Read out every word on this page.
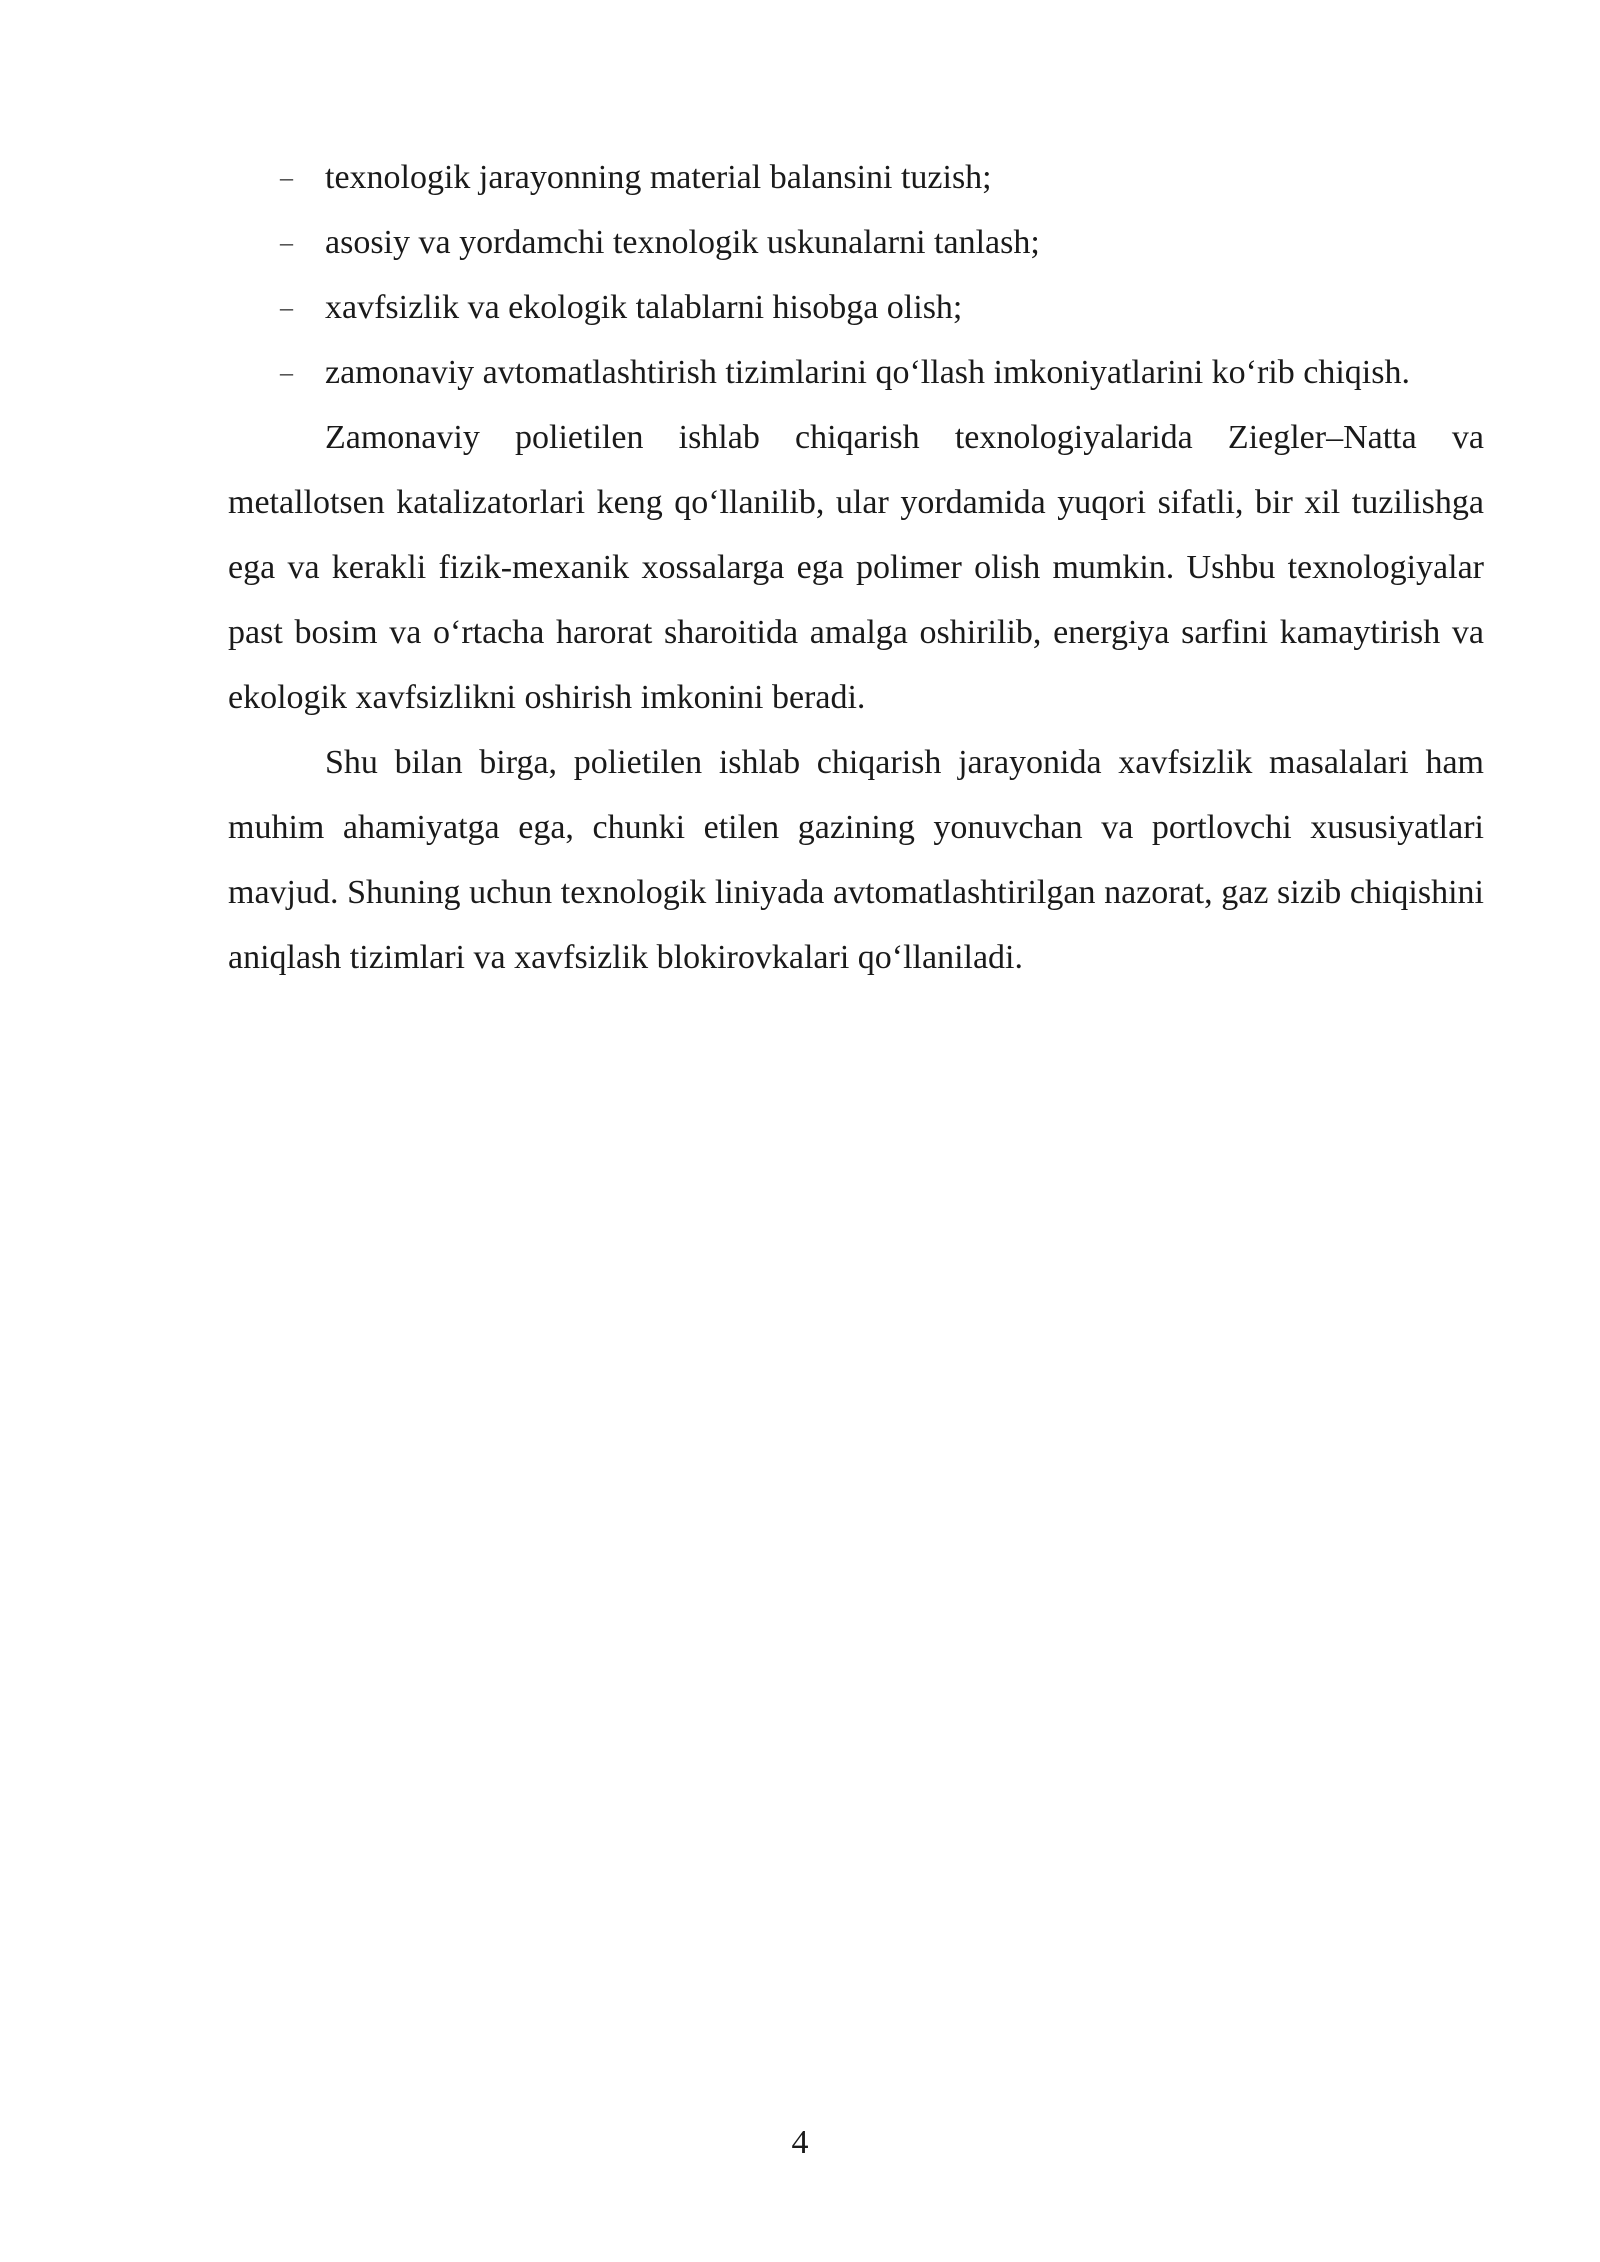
– texnologik jarayonning material balansini tuzish;
– asosiy va yordamchi texnologik uskunalarni tanlash;
– xavfsizlik va ekologik talablarni hisobga olish;
– zamonaviy avtomatlashtirish tizimlarini qo‘llash imkoniyatlarini ko‘rib chiqish.

Zamonaviy polietilen ishlab chiqarish texnologiyalarida Ziegler–Natta va metallotsen katalizatorlari keng qo‘llanilib, ular yordamida yuqori sifatli, bir xil tuzilishga ega va kerakli fizik-mexanik xossalarga ega polimer olish mumkin. Ushbu texnologiyalar past bosim va o‘rtacha harorat sharoitida amalga oshirilib, energiya sarfini kamaytirish va ekologik xavfsizlikni oshirish imkonini beradi.

Shu bilan birga, polietilen ishlab chiqarish jarayonida xavfsizlik masalalari ham muhim ahamiyatga ega, chunki etilen gazining yonuvchan va portlovchi xususiyatlari mavjud. Shuning uchun texnologik liniyada avtomatlashtirilgan nazorat, gaz sizib chiqishini aniqlash tizimlari va xavfsizlik blokirovkalari qo‘llaniladi.

4
